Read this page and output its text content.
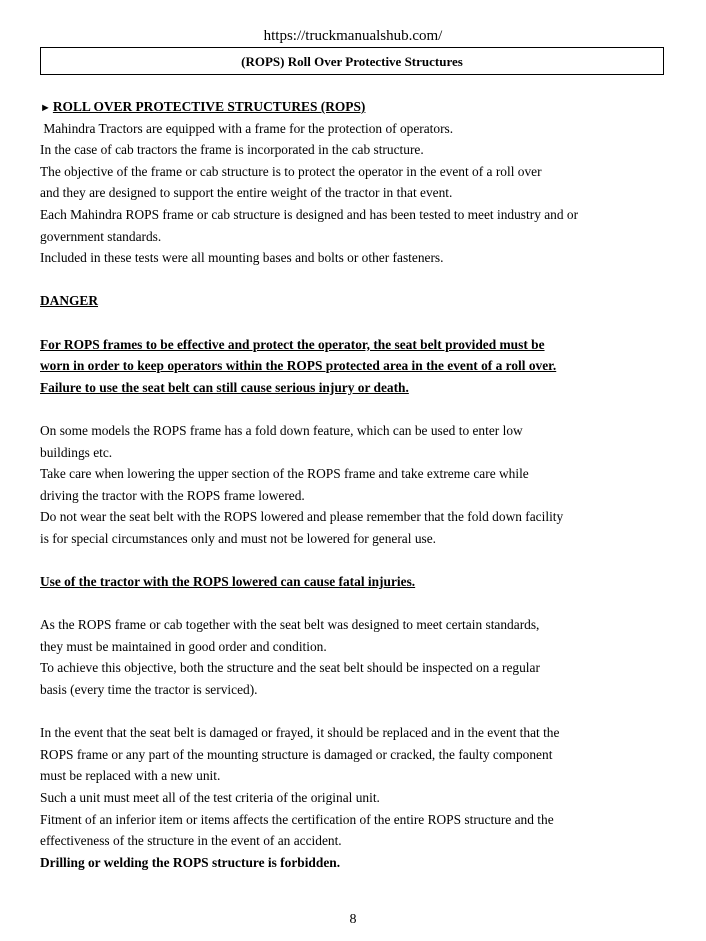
https://truckmanualshub.com/
(ROPS) Roll Over Protective Structures
► ROLL OVER PROTECTIVE STRUCTURES (ROPS)
Mahindra Tractors are equipped with a frame for the protection of operators.
In the case of cab tractors the frame is incorporated in the cab structure.
The objective of the frame or cab structure is to protect the operator in the event of a roll over
and they are designed to support the entire weight of the tractor in that event.
Each Mahindra ROPS frame or cab structure is designed and has been tested to meet industry and or
government standards.
Included in these tests were all mounting bases and bolts or other fasteners.
DANGER
For ROPS frames to be effective and protect the operator, the seat belt provided must be
worn in order to keep operators within the ROPS protected area in the event of a roll over.
Failure to use the seat belt can still cause serious injury or death.
On some models the ROPS frame has a fold down feature, which can be used to enter low
buildings etc.
Take care when lowering the upper section of the ROPS frame and take extreme care while
driving the tractor with the ROPS frame lowered.
Do not wear the seat belt with the ROPS lowered and please remember that the fold down facility
is for special circumstances only and must not be lowered for general use.
Use of the tractor with the ROPS lowered can cause fatal injuries.
As the ROPS frame or cab together with the seat belt was designed to meet certain standards,
they must be maintained in good order and condition.
To achieve this objective, both the structure and the seat belt should be inspected on a regular
basis (every time the tractor is serviced).
In the event that the seat belt is damaged or frayed, it should be replaced and in the event that the
ROPS frame or any part of the mounting structure is damaged or cracked, the faulty component
must be replaced with a new unit.
Such a unit must meet all of the test criteria of the original unit.
Fitment of an inferior item or items affects the certification of the entire ROPS structure and the
effectiveness of the structure in the event of an accident.
Drilling or welding the ROPS structure is forbidden.
8
